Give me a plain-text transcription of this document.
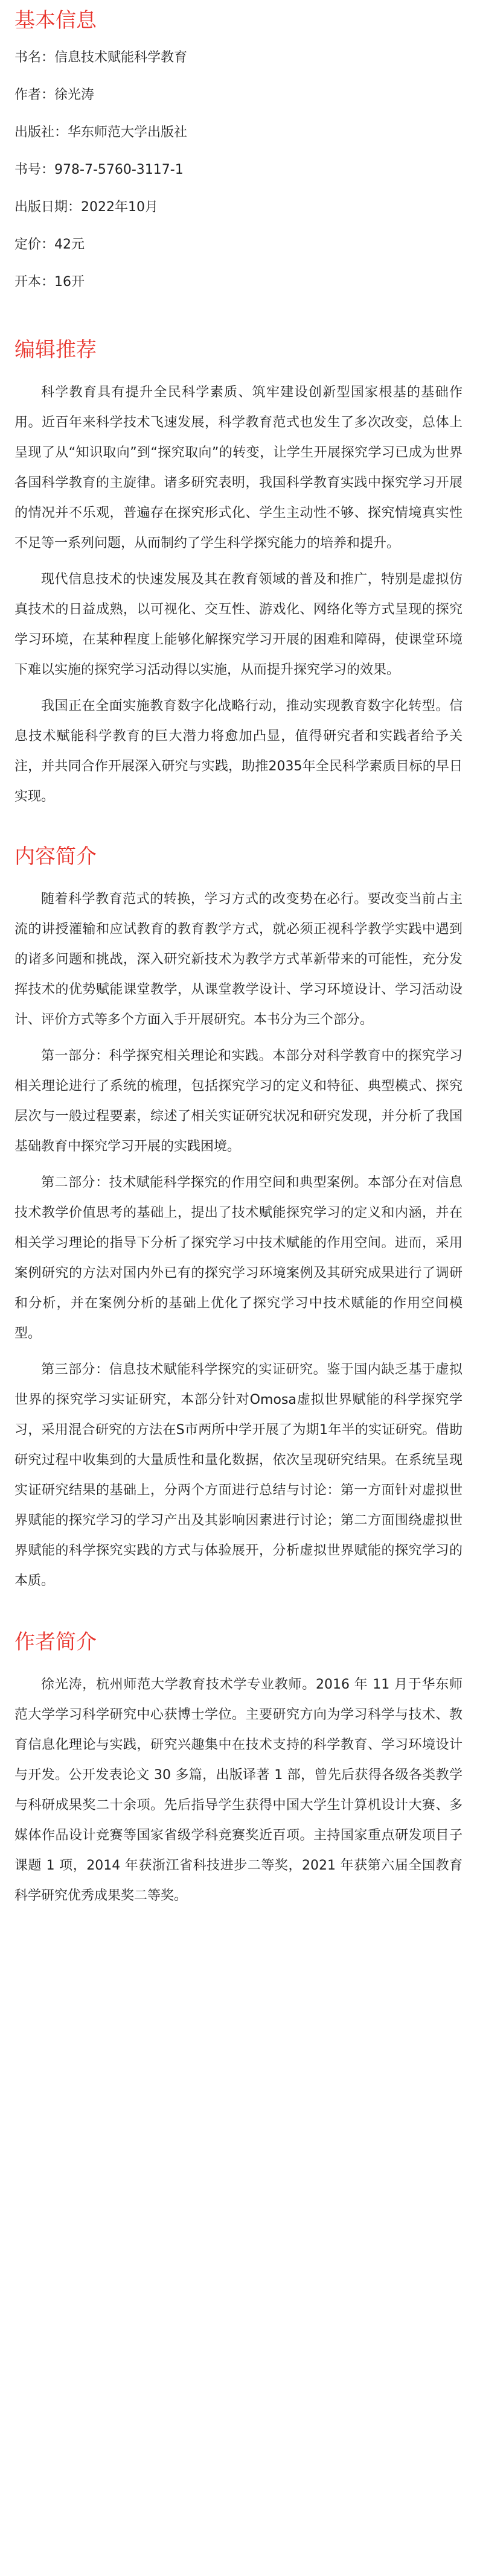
基本信息
书名：信息技术赋能科学教育
作者：徐光涛
出版社：华东师范大学出版社
书号：978-7-5760-3117-1
出版日期：2022年10月
定价：42元
开本：16开
编辑推荐

科学教育具有提升全民科学素质、筑牢建设创新型国家根基的基础作用。近百年来科学技术飞速发展，科学教育范式也发生了多次改变，总体上呈现了从“知识取向”到“探究取向”的转变，让学生开展探究学习已成为世界各国科学教育的主旋律。诸多研究表明，我国科学教育实践中探究学习开展的情况并不乐观，普遍存在探究形式化、学生主动性不够、探究情境真实性不足等一系列问题，从而制约了学生科学探究能力的培养和提升。

现代信息技术的快速发展及其在教育领域的普及和推广，特别是虚拟仿真技术的日益成熟，以可视化、交互性、游戏化、网络化等方式呈现的探究学习环境，在某种程度上能够化解探究学习开展的困难和障碍，使课堂环境下难以实施的探究学习活动得以实施，从而提升探究学习的效果。

我国正在全面实施教育数字化战略行动，推动实现教育数字化转型。信息技术赋能科学教育的巨大潜力将愈加凸显，值得研究者和实践者给予关注，并共同合作开展深入研究与实践，助推2035年全民科学素质目标的早日实现。

内容简介

随着科学教育范式的转换，学习方式的改变势在必行。要改变当前占主流的讲授灌输和应试教育的教育教学方式，就必须正视科学教学实践中遇到的诸多问题和挑战，深入研究新技术为教学方式革新带来的可能性，充分发挥技术的优势赋能课堂教学，从课堂教学设计、学习环境设计、学习活动设计、评价方式等多个方面入手开展研究。本书分为三个部分。

第一部分：科学探究相关理论和实践。本部分对科学教育中的探究学习相关理论进行了系统的梳理，包括探究学习的定义和特征、典型模式、探究层次与一般过程要素，综述了相关实证研究状况和研究发现，并分析了我国基础教育中探究学习开展的实践困境。

第二部分：技术赋能科学探究的作用空间和典型案例。本部分在对信息技术教学价值思考的基础上，提出了技术赋能探究学习的定义和内涵，并在相关学习理论的指导下分析了探究学习中技术赋能的作用空间。进而，采用案例研究的方法对国内外已有的探究学习环境案例及其研究成果进行了调研和分析，并在案例分析的基础上优化了探究学习中技术赋能的作用空间模型。

第三部分：信息技术赋能科学探究的实证研究。鉴于国内缺乏基于虚拟世界的探究学习实证研究，本部分针对Omosa虚拟世界赋能的科学探究学习，采用混合研究的方法在S市两所中学开展了为期1年半的实证研究。借助研究过程中收集到的大量质性和量化数据，依次呈现研究结果。在系统呈现实证研究结果的基础上，分两个方面进行总结与讨论：第一方面针对虚拟世界赋能的探究学习的学习产出及其影响因素进行讨论；第二方面围绕虚拟世界赋能的科学探究实践的方式与体验展开，分析虚拟世界赋能的探究学习的本质。

作者简介

徐光涛，杭州师范大学教育技术学专业教师。2016 年 11 月于华东师范大学学习科学研究中心获博士学位。主要研究方向为学习科学与技术、教育信息化理论与实践，研究兴趣集中在技术支持的科学教育、学习环境设计与开发。公开发表论文 30 多篇，出版译著 1 部，曾先后获得各级各类教学与科研成果奖二十余项。先后指导学生获得中国大学生计算机设计大赛、多媒体作品设计竞赛等国家省级学科竞赛奖近百项。主持国家重点研发项目子课题 1 项，2014 年获浙江省科技进步二等奖，2021 年获第六届全国教育科学研究优秀成果奖二等奖。
